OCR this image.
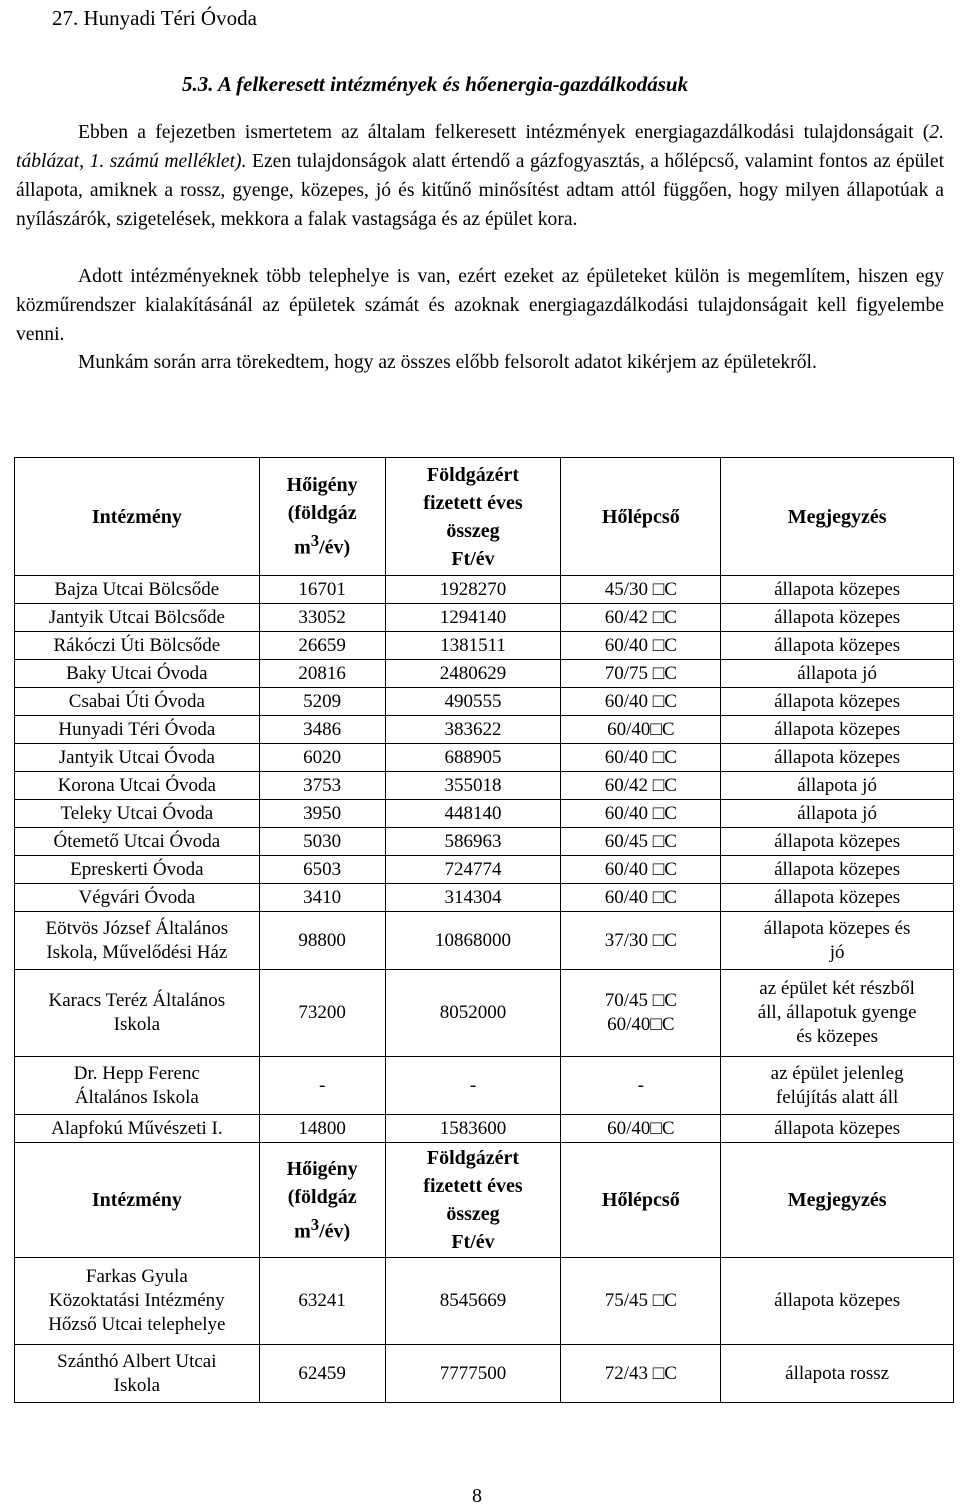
27. Hunyadi Téri Óvoda
5.3. A felkeresett intézmények és hőenergia-gazdálkodásuk
Ebben a fejezetben ismertetem az általam felkeresett intézmények energiagazdálkodási tulajdonságait (2. táblázat, 1. számú melléklet). Ezen tulajdonságok alatt értendő a gázfogyasztás, a hőlépcső, valamint fontos az épület állapota, amiknek a rossz, gyenge, közepes, jó és kitűnő minősítést adtam attól függően, hogy milyen állapotúak a nyílászárók, szigetelések, mekkora a falak vastagsága és az épület kora.
Adott intézményeknek több telephelye is van, ezért ezeket az épületeket külön is megemlítem, hiszen egy közműrendszer kialakításánál az épületek számát és azoknak energiagazdálkodási tulajdonságait kell figyelembe venni.
Munkám során arra törekedtem, hogy az összes előbb felsorolt adatot kikérjem az épületekről.
Intézmény	Hőigény
(földgáz
$m^3/év$)	Földgázért
fizetett éves
összeg
Ft/év	Hőlépcső	Megjegyzés
Bajza Utcai Bölcsőde	16701	1928270	45/30 □C	állapota közepes
Jantyik Utcai Bölcsőde	33052	1294140	60/42 □C	állapota közepes
Rákóczi Úti Bölcsőde	26659	1381511	60/40 □C	állapota közepes
Baky Utcai Óvoda	20816	2480629	70/75 □C	állapota jó
Csabai Úti Óvoda	5209	490555	60/40 □C	állapota közepes
Hunyadi Téri Óvoda	3486	383622	60/40□C	állapota közepes
Jantyik Utcai Óvoda	6020	688905	60/40 □C	állapota közepes
Korona Utcai Óvoda	3753	355018	60/42 □C	állapota jó
Teleky Utcai Óvoda	3950	448140	60/40 □C	állapota jó
Ótemető Utcai Óvoda	5030	586963	60/45 □C	állapota közepes
Epreskerti Óvoda	6503	724774	60/40 □C	állapota közepes
Végvári Óvoda	3410	314304	60/40 □C	állapota közepes
Eötvös József Általános
Iskola, Művelődési Ház	98800	10868000	37/30 □C	állapota közepes és
jó
Karacs Teréz Általános
Iskola	73200	8052000	70/45 □C
60/40□C	az épület két részből
áll, állapotuk gyenge
és közepes
Dr. Hepp Ferenc
Általános Iskola	-	-	-	az épület jelenleg
felújítás alatt áll
Alapfokú Művészeti I.	14800	1583600	60/40□C	állapota közepes
Intézmény	Hőigény
(földgáz
$m^3/év$)	Földgázért
fizetett éves
összeg
Ft/év	Hőlépcső	Megjegyzés
Farkas Gyula
Közoktatási Intézmény
Hőzső Utcai telephelye	63241	8545669	75/45 □C	állapota közepes
Szánthó Albert Utcai
Iskola	62459	7777500	72/43 □C	állapota rossz
8
